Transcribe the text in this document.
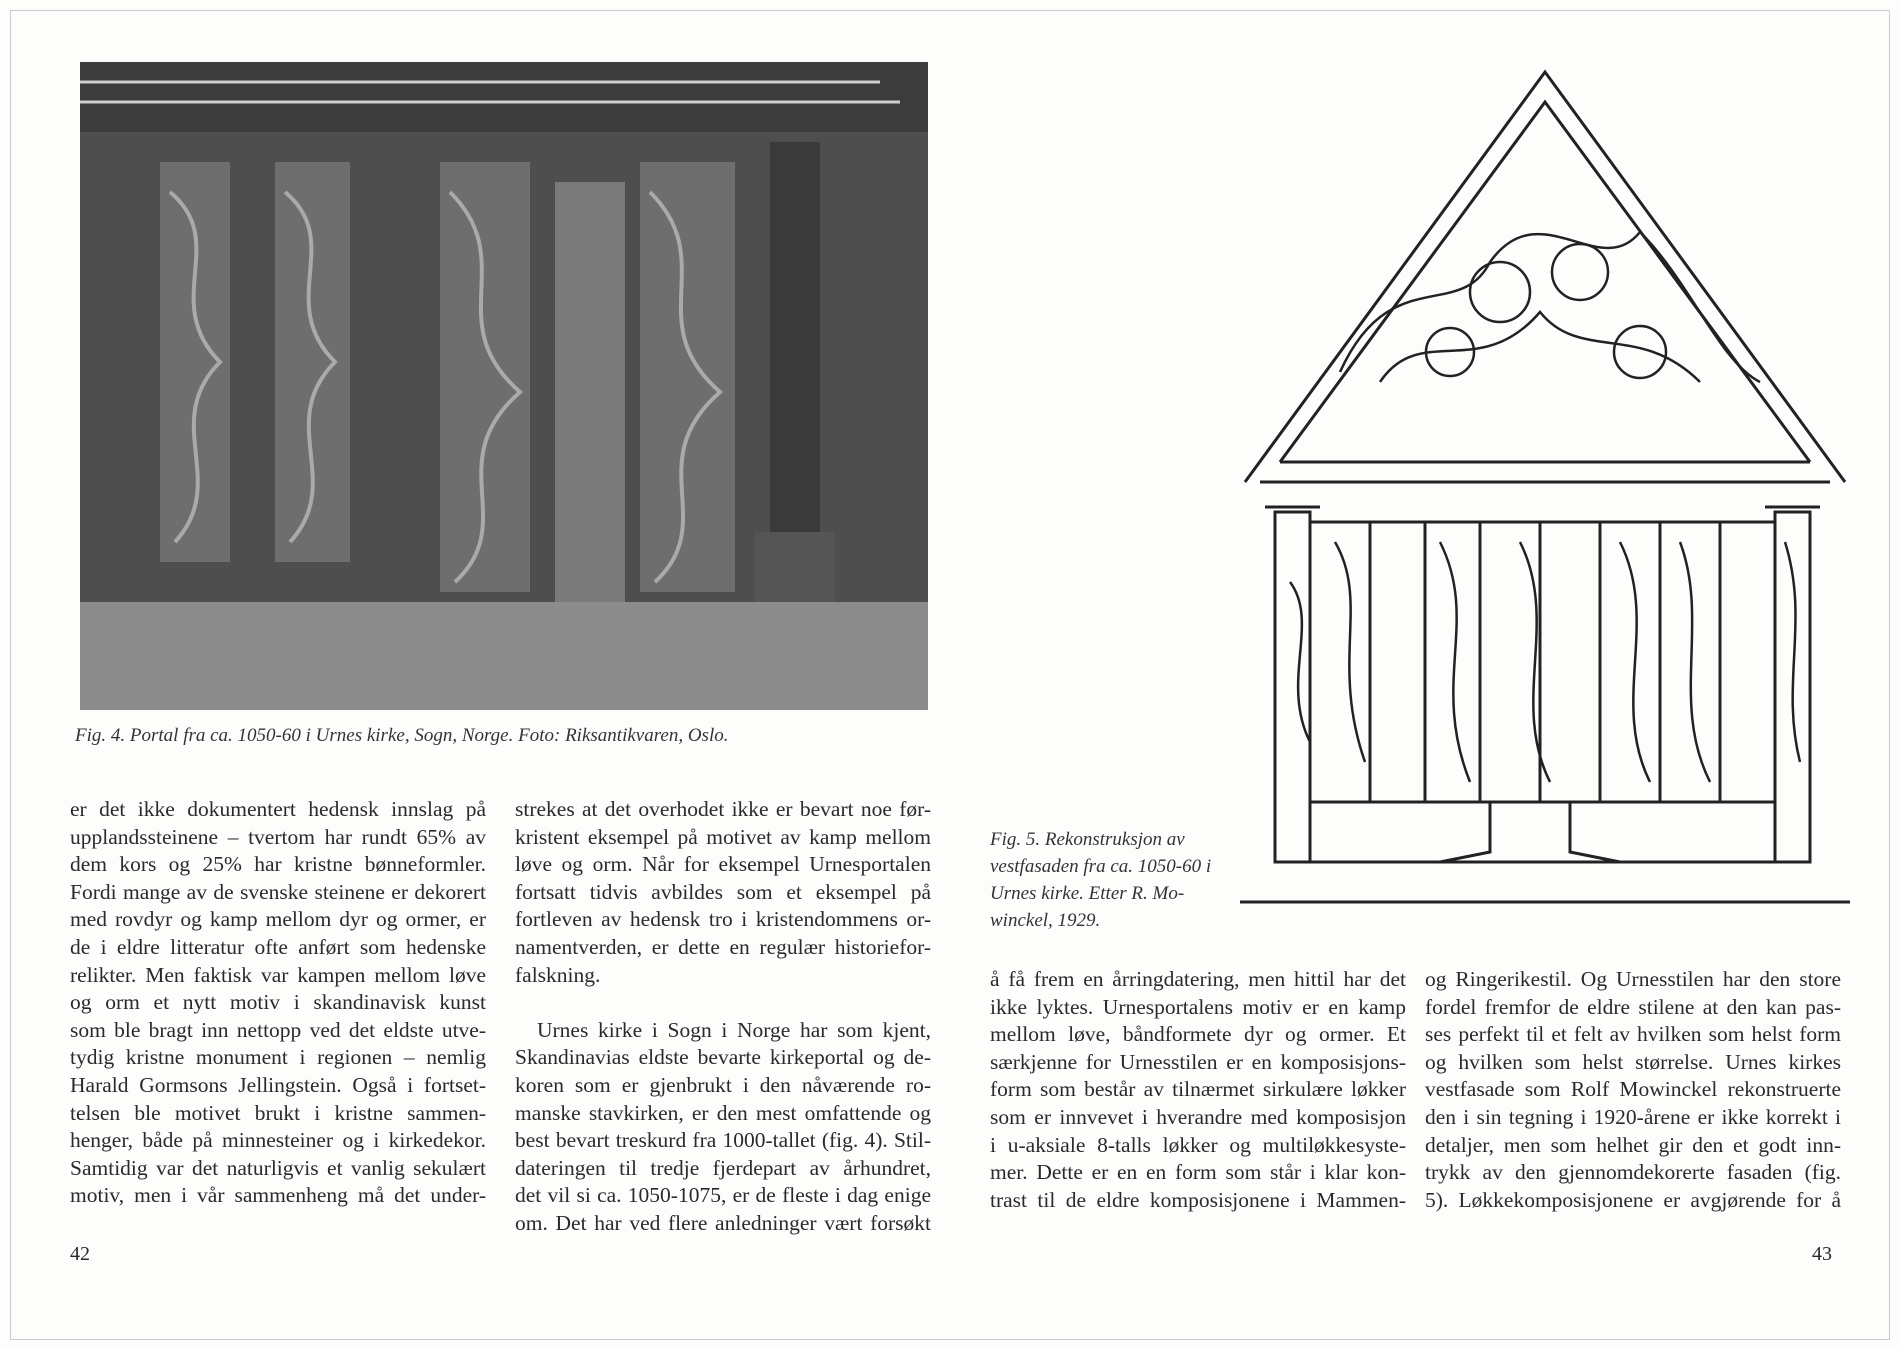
Fig. 4. Portal fra ca. 1050-60 i Urnes kirke, Sogn, Norge. Foto: Riksantikvaren, Oslo.
er det ikke dokumentert hedensk innslag på
upplandssteinene – tvertom har rundt 65% av
dem kors og 25% har kristne bønneformler.
Fordi mange av de svenske steinene er dekorert
med rovdyr og kamp mellom dyr og ormer, er
de i eldre litteratur ofte anført som hedenske
relikter. Men faktisk var kampen mellom løve
og orm et nytt motiv i skandinavisk kunst
som ble bragt inn nettopp ved det eldste utve-
tydig kristne monument i regionen – nemlig
Harald Gormsons Jellingstein. Også i fortset-
telsen ble motivet brukt i kristne sammen-
henger, både på minnesteiner og i kirkedekor.
Samtidig var det naturligvis et vanlig sekulært
motiv, men i vår sammenheng må det under-
strekes at det overhodet ikke er bevart noe før-
kristent eksempel på motivet av kamp mellom
løve og orm. Når for eksempel Urnesportalen
fortsatt tidvis avbildes som et eksempel på
fortleven av hedensk tro i kristendommens or-
namentverden, er dette en regulær historiefor-
falskning.

Urnes kirke i Sogn i Norge har som kjent,
Skandinavias eldste bevarte kirkeportal og de-
koren som er gjenbrukt i den nåværende ro-
manske stavkirken, er den mest omfattende og
best bevart treskurd fra 1000-tallet (fig. 4). Stil-
dateringen til tredje fjerdepart av århundret,
det vil si ca. 1050-1075, er de fleste i dag enige
om. Det har ved flere anledninger vært forsøkt
42
Fig. 5. Rekonstruksjon av
vestfasaden fra ca. 1050-60 i
Urnes kirke. Etter R. Mo-
winckel, 1929.
å få frem en årringdatering, men hittil har det
ikke lyktes. Urnesportalens motiv er en kamp
mellom løve, båndformete dyr og ormer. Et
særkjenne for Urnesstilen er en komposisjons-
form som består av tilnærmet sirkulære løkker
som er innvevet i hverandre med komposisjon
i u-aksiale 8-talls løkker og multiløkkesyste-
mer. Dette er en en form som står i klar kon-
trast til de eldre komposisjonene i Mammen-
og Ringerikestil. Og Urnesstilen har den store
fordel fremfor de eldre stilene at den kan pas-
ses perfekt til et felt av hvilken som helst form
og hvilken som helst størrelse. Urnes kirkes
vestfasade som Rolf Mowinckel rekonstruerte
den i sin tegning i 1920-årene er ikke korrekt i
detaljer, men som helhet gir den et godt inn-
trykk av den gjennomdekorerte fasaden (fig.
5). Løkkekomposisjonene er avgjørende for å
43
